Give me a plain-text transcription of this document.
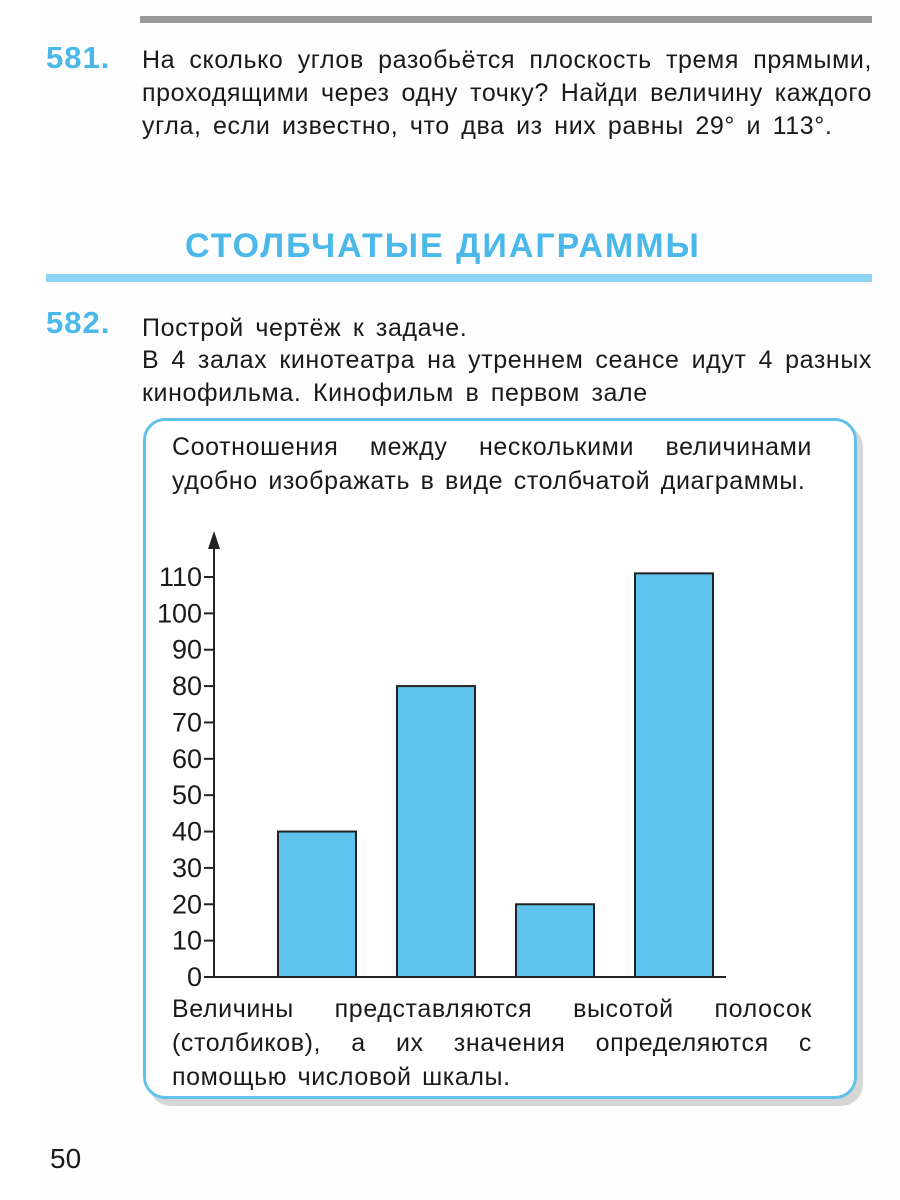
581. На сколько углов разобьётся плоскость тремя прямыми, проходящими через одну точку? Найди величину каждого угла, если известно, что два из них равны 29° и 113°.
СТОЛБЧАТЫЕ ДИАГРАММЫ
582. Построй чертёж к задаче.
В 4 залах кинотеатра на утреннем сеансе идут 4 разных кинофильма. Кинофильм в первом зале
Соотношения между несколькими величинами удобно изображать в виде столбчатой диаграммы.
0
10
20
30
40
50
60
70
80
90
100
110
Величины представляются высотой полосок (столбиков), а их значения определяются с помощью числовой шкалы.
50
